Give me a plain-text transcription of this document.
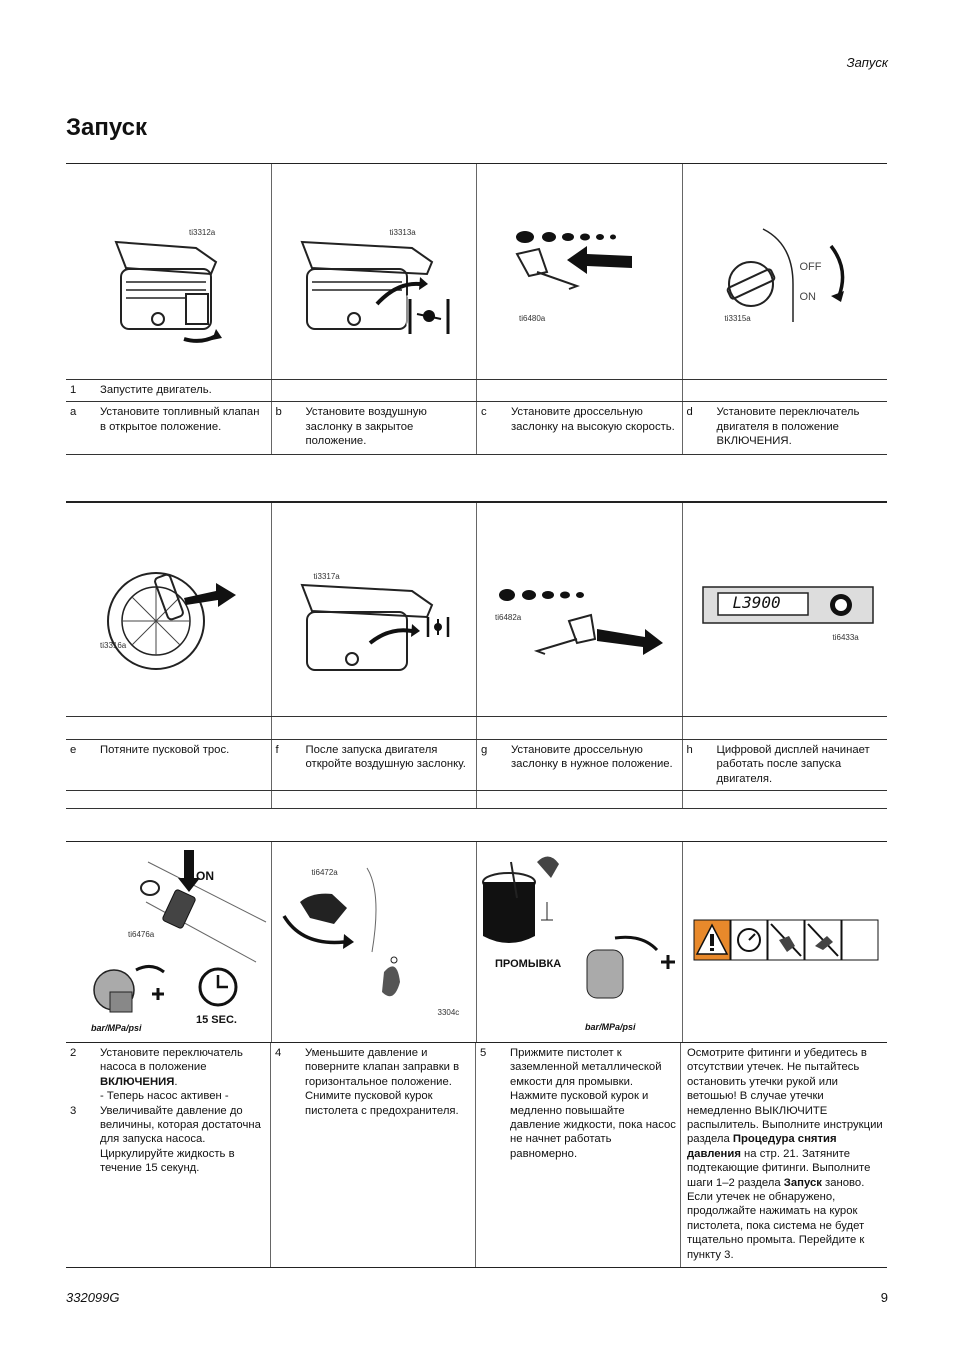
Запуск
Запуск
ti3312a	ti3313a
ti6480a	ti3315a
OFF
ON
1	Запустите двигатель.
a	Установите топливный клапан в открытое положение.
b	Установите воздушную заслонку в закрытое положение.
c	Установите дроссельную заслонку на высокую скорость.
d	Установите переключатель двигателя в положение ВКЛЮЧЕНИЯ.
ti3316a
ti3317a
ti6482a
ti6433a
L3900
e	Потяните пусковой трос.	f	После запуска двигателя откройте воздушную заслонку.
g	Установите дроссельную заслонку в нужное положение.
h	Цифровой дисплей начинает работать после запуска двигателя.
ti6476a
ON
15 SEC.
bar/MPa/psi
ti6472a
3304c
ПРОМЫВКА
bar/MPa/psi
2	Установите переключатель насоса в положение ВКЛЮЧЕНИЯ.
- Теперь насос активен -
3	Увеличивайте давление до величины, которая достаточна для запуска насоса. Циркулируйте жидкость в течение 15 секунд.
4	Уменьшите давление и поверните клапан заправки в горизонтальное положение. Снимите пусковой курок пистолета с предохранителя.
5	Прижмите пистолет к заземленной металлической емкости для промывки. Нажмите пусковой курок и медленно повышайте давление жидкости, пока насос не начнет работать равномерно.
Осмотрите фитинги и убедитесь в отсутствии утечек. Не пытайтесь остановить утечки рукой или ветошью! В случае утечки немедленно ВЫКЛЮЧИТЕ распылитель. Выполните инструкции раздела Процедура снятия давления на стр. 21. Затяните подтекающие фитинги. Выполните шаги 1–2 раздела Запуск заново. Если утечек не обнаружено, продолжайте нажимать на курок пистолета, пока система не будет тщательно промыта. Перейдите к пункту 3.
332099G	9
